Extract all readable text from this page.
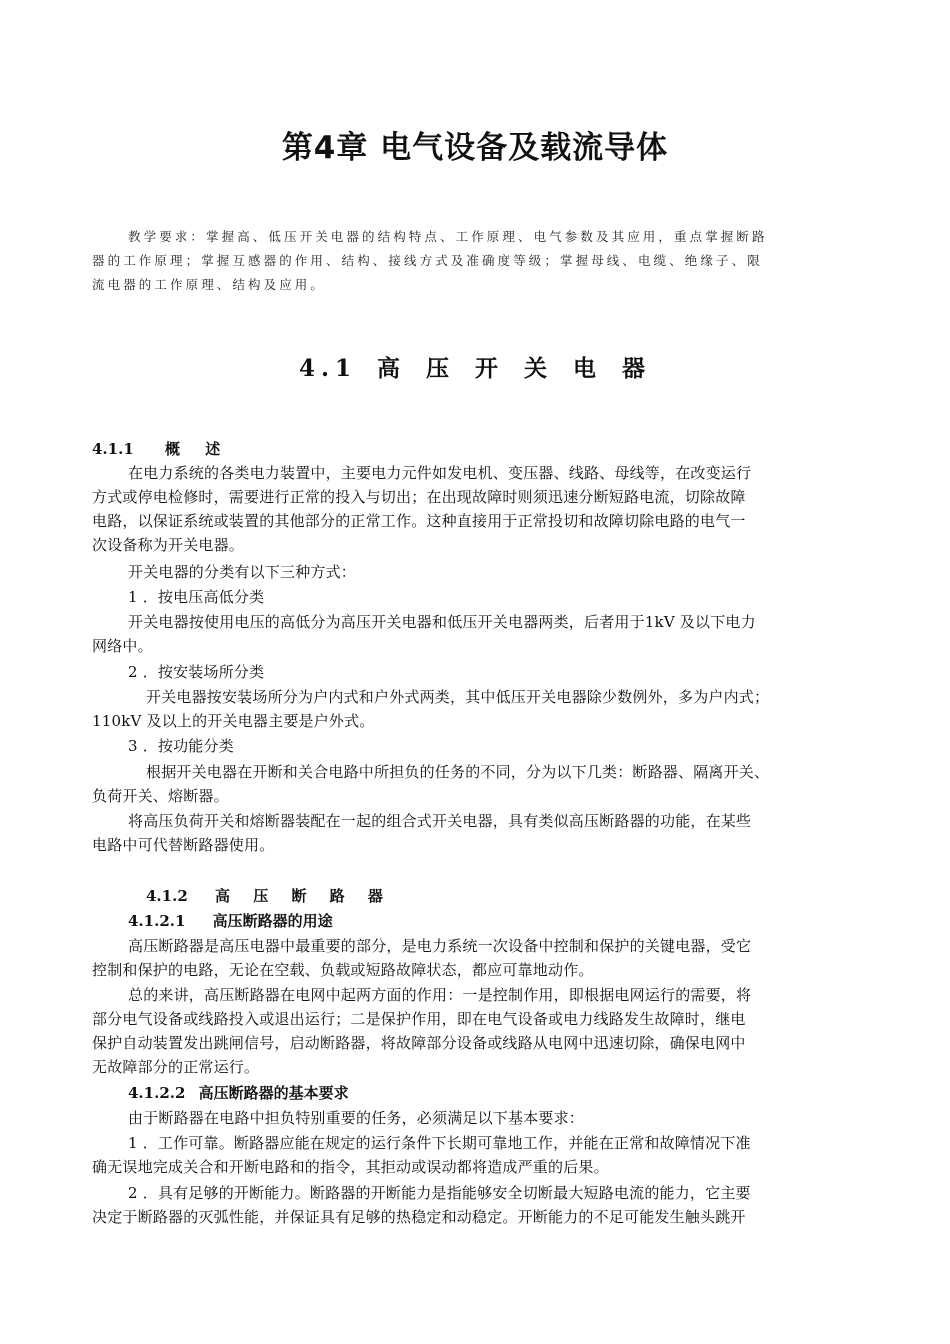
第4章 电气设备及载流导体
教学要求：掌握高、低压开关电器的结构特点、工作原理、电气参数及其应用，重点掌握断路
器的工作原理；掌握互感器的作用、结构、接线方式及准确度等级；掌握母线、电缆、绝缘子、限
流电器的工作原理、结构及应用。
4.1 高 压 开 关 电 器
4.1.1 概 述
在电力系统的各类电力装置中，主要电力元件如发电机、变压器、线路、母线等，在改变运行
方式或停电检修时，需要进行正常的投入与切出；在出现故障时则须迅速分断短路电流，切除故障
电路，以保证系统或装置的其他部分的正常工作。这种直接用于正常投切和故障切除电路的电气一
次设备称为开关电器。
开关电器的分类有以下三种方式：
1 ．按电压高低分类
开关电器按使用电压的高低分为高压开关电器和低压开关电器两类，后者用于1kV 及以下电力
网络中。
2 ．按安装场所分类
开关电器按安装场所分为户内式和户外式两类，其中低压开关电器除少数例外，多为户内式；
110kV 及以上的开关电器主要是户外式。
3 ．按功能分类
根据开关电器在开断和关合电路中所担负的任务的不同，分为以下几类：断路器、隔离开关、
负荷开关、熔断器。
将高压负荷开关和熔断器装配在一起的组合式开关电器，具有类似高压断路器的功能，在某些
电路中可代替断路器使用。
4.1.2 高 压 断 路 器
4.1.2.1 高压断路器的用途
高压断路器是高压电器中最重要的部分，是电力系统一次设备中控制和保护的关键电器，受它
控制和保护的电路，无论在空载、负载或短路故障状态，都应可靠地动作。
总的来讲，高压断路器在电网中起两方面的作用：一是控制作用，即根据电网运行的需要，将
部分电气设备或线路投入或退出运行；二是保护作用，即在电气设备或电力线路发生故障时，继电
保护自动装置发出跳闸信号，启动断路器，将故障部分设备或线路从电网中迅速切除，确保电网中
无故障部分的正常运行。
4.1.2.2 高压断路器的基本要求
由于断路器在电路中担负特别重要的任务，必须满足以下基本要求：
1 ．工作可靠。断路器应能在规定的运行条件下长期可靠地工作，并能在正常和故障情况下准
确无误地完成关合和开断电路和的指令，其拒动或误动都将造成严重的后果。
2 ．具有足够的开断能力。断路器的开断能力是指能够安全切断最大短路电流的能力，它主要
决定于断路器的灭弧性能，并保证具有足够的热稳定和动稳定。开断能力的不足可能发生触头跳开
